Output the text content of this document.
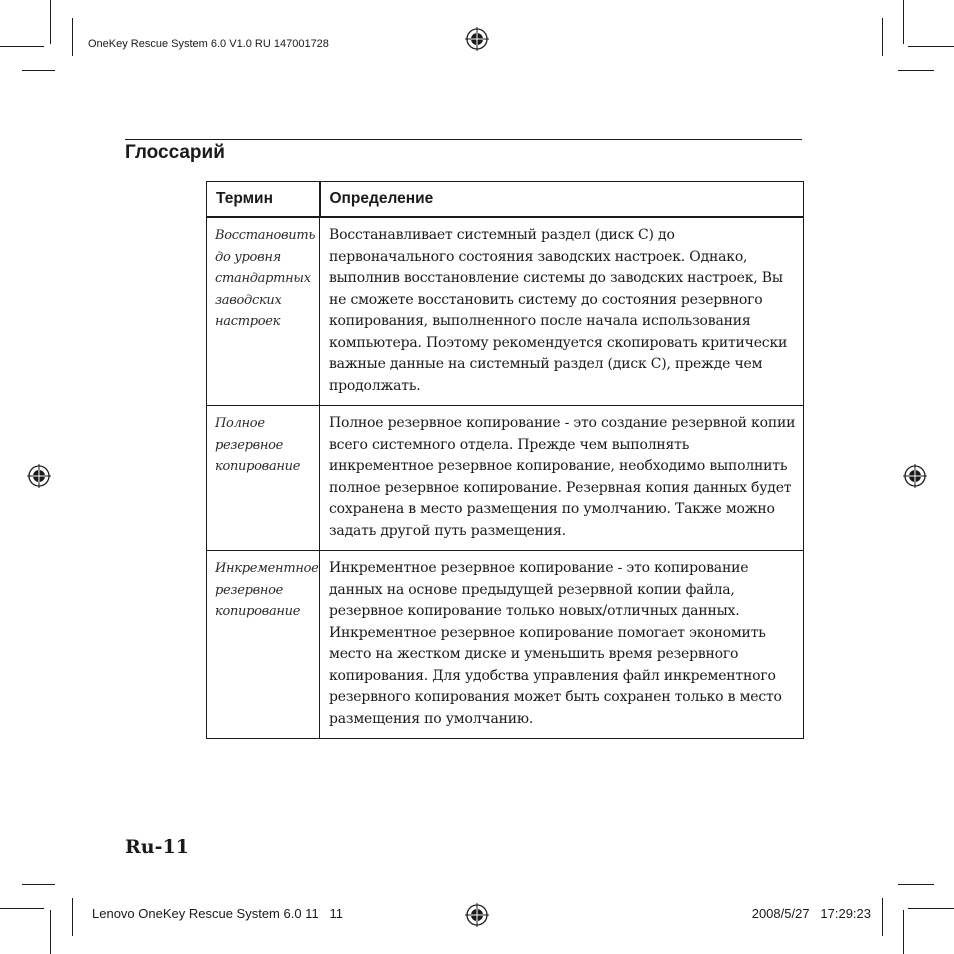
OneKey Rescue System 6.0 V1.0 RU 147001728
Глоссарий
Термин	Определение
Восстановить до уровня стандартных заводских настроек	Восстанавливает системный раздел (диск C) до первоначального состояния заводских настроек. Однако, выполнив восстановление системы до заводских настроек, Вы не сможете восстановить систему до состояния резервного копирования, выполненного после начала использования компьютера. Поэтому рекомендуется скопировать критически важные данные на системный раздел (диск C), прежде чем продолжать.
Полное резервное копирование	Полное резервное копирование - это создание резервной копии всего системного отдела. Прежде чем выполнять инкрементное резервное копирование, необходимо выполнить полное резервное копирование. Резервная копия данных будет сохранена в место размещения по умолчанию. Также можно задать другой путь размещения.
Инкрементное резервное копирование	Инкрементное резервное копирование - это копирование данных на основе предыдущей резервной копии файла, резервное копирование только новых/отличных данных. Инкрементное резервное копирование помогает экономить место на жестком диске и уменьшить время резервного копирования. Для удобства управления файл инкрементного резервного копирования может быть сохранен только в место размещения по умолчанию.
Ru-11
Lenovo OneKey Rescue System 6.0 11   11	2008/5/27   17:29:23
